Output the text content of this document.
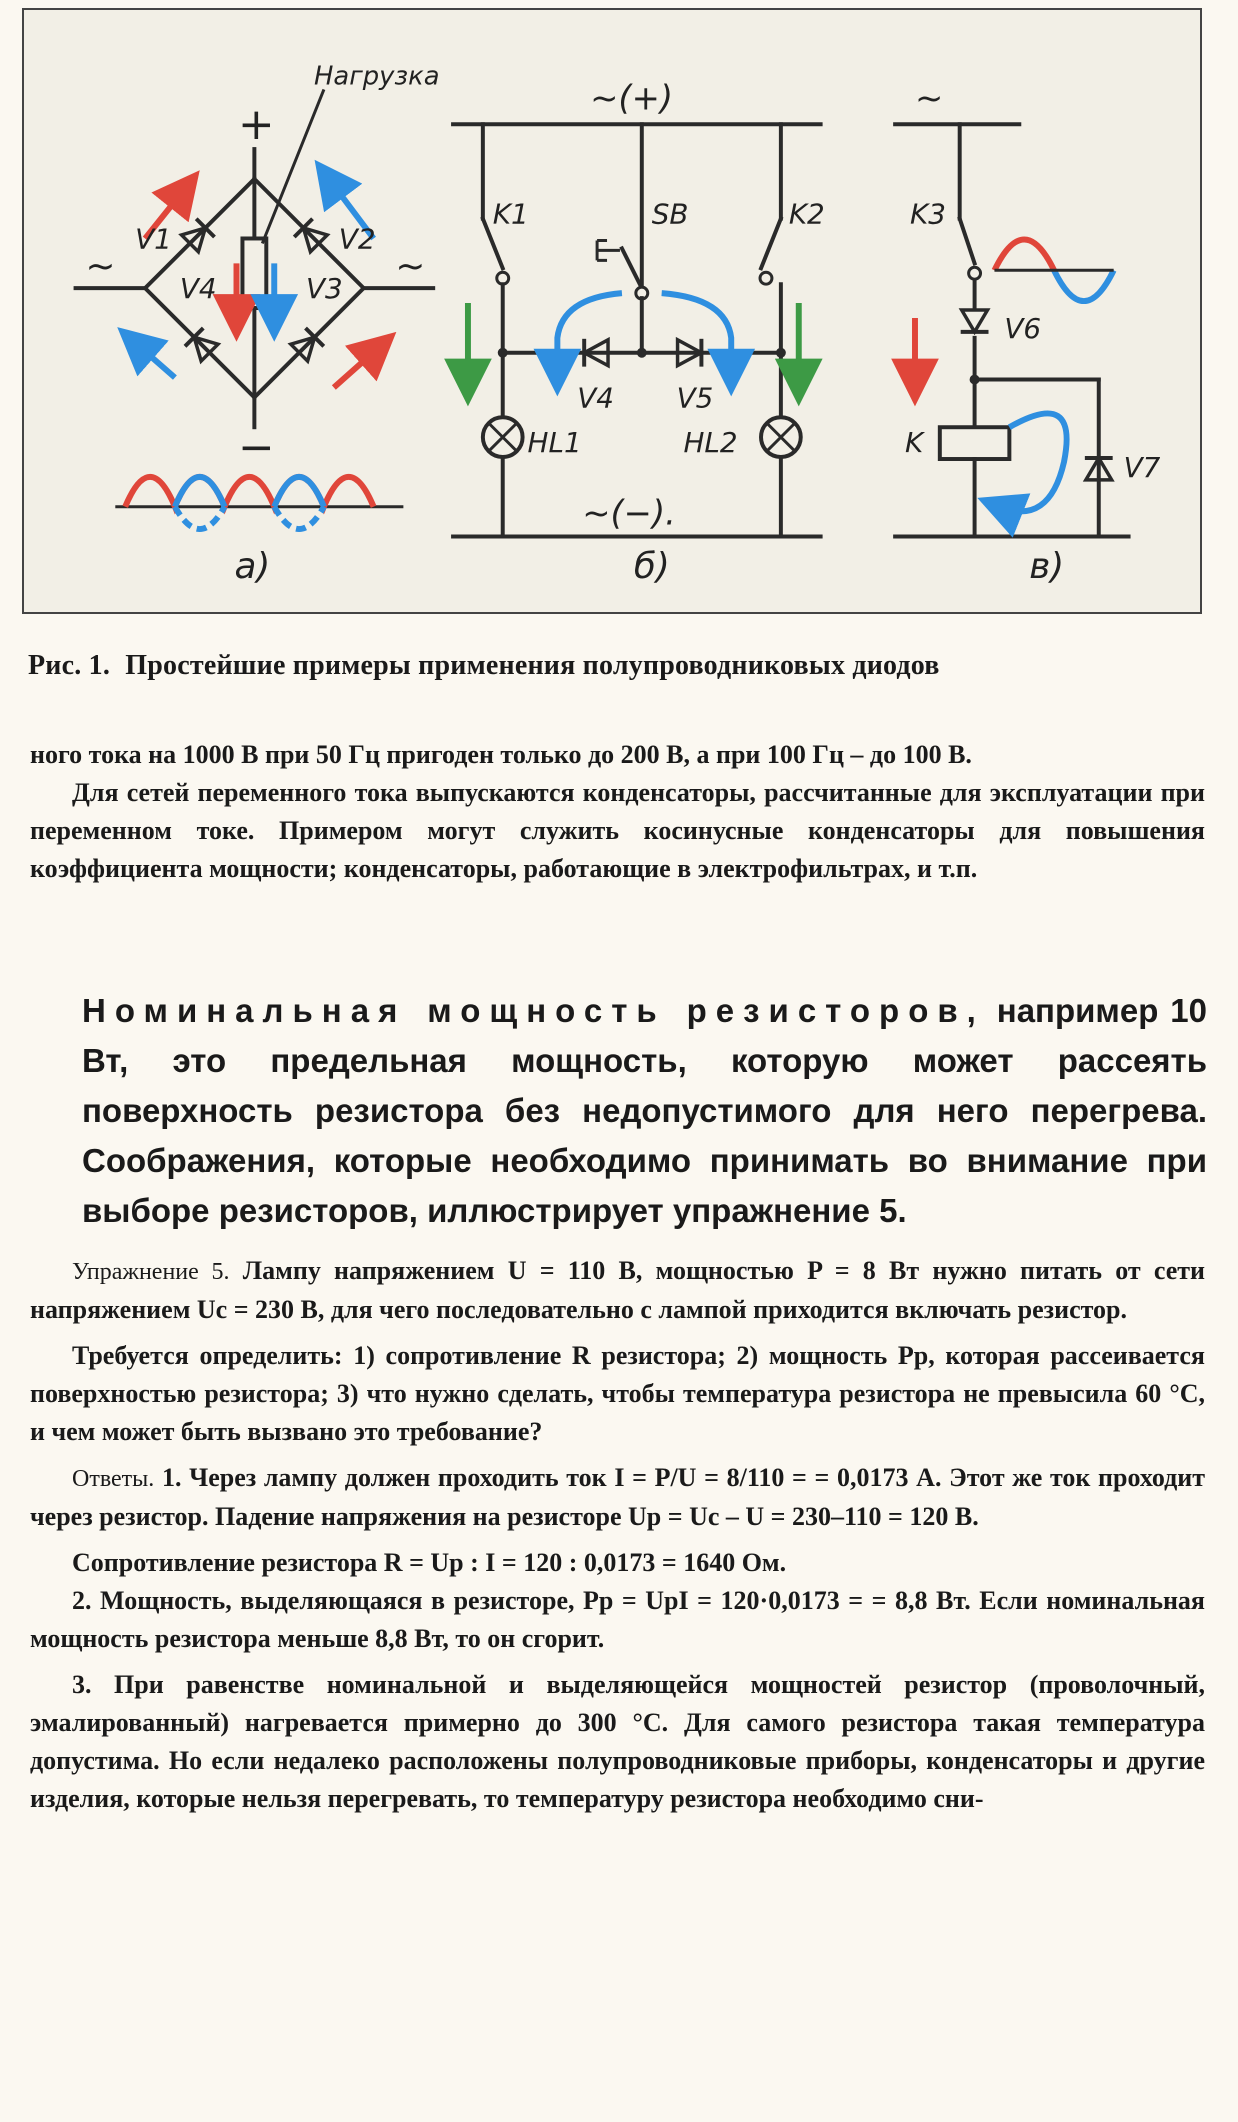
+
−
~	~
Нагрузка
V1	V2
V3
V4
а)
~(+)
~(−).
K1	SB	K2
V4 V5
HL1	HL2
б)
~
K3
V6
K
V7
в)
Рис. 1. Простейшие примеры применения полупроводниковых диодов

ного тока на 1000 В при 50 Гц пригоден только до 200 В, а при 100 Гц – до 100 В.

Для сетей переменного тока выпускаются конденсаторы, рассчитанные для эксплуатации при переменном токе. Примером могут служить косинусные конденсаторы для повышения коэффициента мощности; конденсаторы, работающие в электрофильтрах, и т.п.

Номинальная мощность резисторов, например 10 Вт, это предельная мощность, которую может рассеять поверхность резистора без недопустимого для него перегрева. Соображения, которые необходимо принимать во внимание при выборе резисторов, иллюстрирует упражнение 5.

Упражнение 5. Лампу напряжением U = 110 В, мощностью P = 8 Вт нужно питать от сети напряжением Uс = 230 В, для чего последовательно с лампой приходится включать резистор.

Требуется определить: 1) сопротивление R резистора; 2) мощность Pр, которая рассеивается поверхностью резистора; 3) что нужно сделать, чтобы температура резистора не превысила 60 °С, и чем может быть вызвано это требование?

Ответы. 1. Через лампу должен проходить ток I = P/U = 8/110 = = 0,0173 А. Этот же ток проходит через резистор. Падение напряжения на резисторе Uр = Uс – U = 230–110 = 120 В.

Сопротивление резистора R = Uр : I = 120 : 0,0173 = 1640 Ом.

2. Мощность, выделяющаяся в резисторе, Pр = UрI = 120·0,0173 = = 8,8 Вт. Если номинальная мощность резистора меньше 8,8 Вт, то он сгорит.

3. При равенстве номинальной и выделяющейся мощностей резистор (проволочный, эмалированный) нагревается примерно до 300 °С. Для самого резистора такая температура допустима. Но если недалеко расположены полупроводниковые приборы, конденсаторы и другие изделия, которые нельзя перегревать, то температуру резистора необходимо сни-
